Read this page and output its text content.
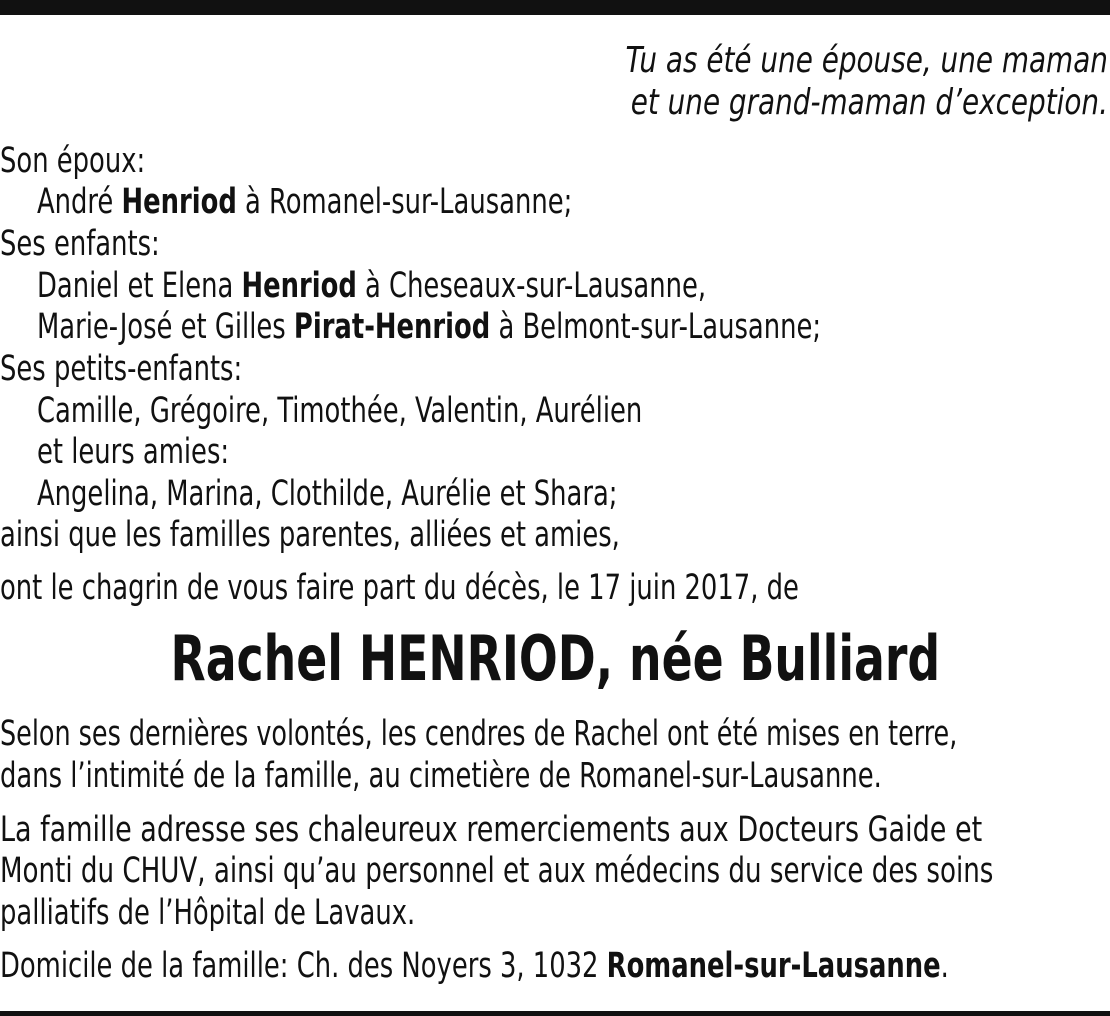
Tu as été une épouse, une maman
et une grand-maman d’exception.
Son époux:
André Henriod à Romanel-sur-Lausanne;
Ses enfants:
Daniel et Elena Henriod à Cheseaux-sur-Lausanne,
Marie-José et Gilles Pirat-Henriod à Belmont-sur-Lausanne;
Ses petits-enfants:
Camille, Grégoire, Timothée, Valentin, Aurélien
et leurs amies:
Angelina, Marina, Clothilde, Aurélie et Shara;
ainsi que les familles parentes, alliées et amies,
ont le chagrin de vous faire part du décès, le 17 juin 2017, de
Rachel HENRIOD, née Bulliard
Selon ses dernières volontés, les cendres de Rachel ont été mises en terre,
dans l’intimité de la famille, au cimetière de Romanel-sur-Lausanne.
La famille adresse ses chaleureux remerciements aux Docteurs Gaide et
Monti du CHUV, ainsi qu’au personnel et aux médecins du service des soins
palliatifs de l’Hôpital de Lavaux.
Domicile de la famille: Ch. des Noyers 3, 1032 Romanel-sur-Lausanne.
